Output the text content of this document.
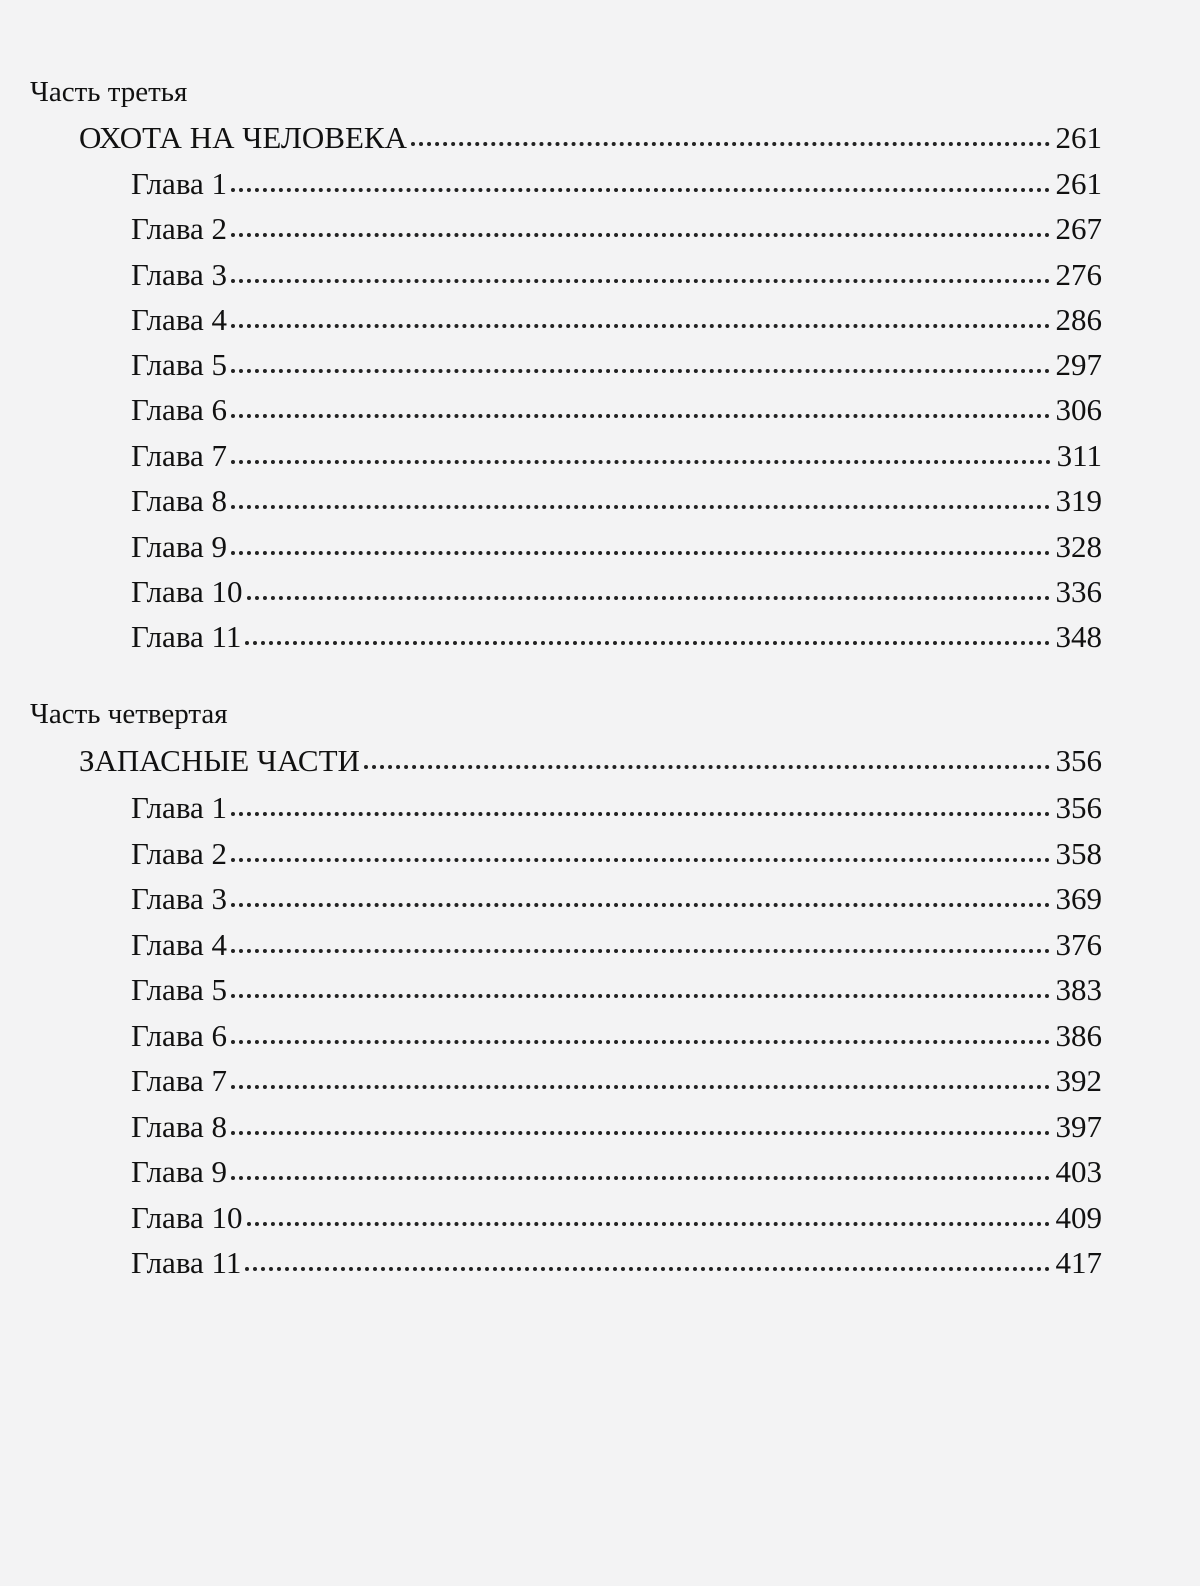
Часть третья
ОХОТА НА ЧЕЛОВЕКА	261
Глава 1	261
Глава 2	267
Глава 3	276
Глава 4	286
Глава 5	297
Глава 6	306
Глава 7	311
Глава 8	319
Глава 9	328
Глава 10	336
Глава 11	348
Часть четвертая
ЗАПАСНЫЕ ЧАСТИ	356
Глава 1	356
Глава 2	358
Глава 3	369
Глава 4	376
Глава 5	383
Глава 6	386
Глава 7	392
Глава 8	397
Глава 9	403
Глава 10	409
Глава 11	417
